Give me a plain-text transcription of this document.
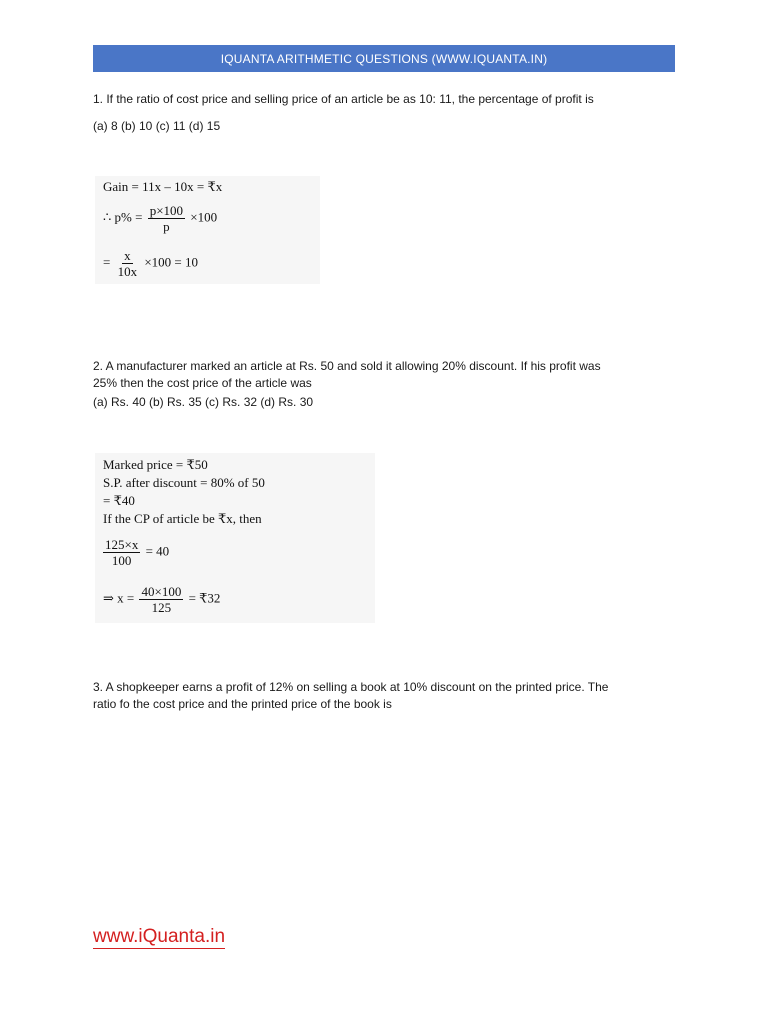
IQUANTA ARITHMETIC QUESTIONS (WWW.IQUANTA.IN)
1. If the ratio of cost price and selling price of an article be as 10: 11, the percentage of profit is
(a) 8 (b) 10 (c) 11 (d) 15
Gain = 11x – 10x = ₹x
∴ $p\% = \frac{p\times 100}{p} \times 100$
= $\frac{x}{10x} \times 100 = 10$
2. A manufacturer marked an article at Rs. 50 and sold it allowing 20% discount. If his profit was
25% then the cost price of the article was
(a) Rs. 40 (b) Rs. 35 (c) Rs. 32 (d) Rs. 30
Marked price = ₹50
S.P. after discount = 80% of 50
= ₹40
If the CP of article be ₹x, then
$\frac{125\times x}{100} = 40$
⇒ $x = \frac{40\times 100}{125}$ = ₹32
3. A shopkeeper earns a profit of 12% on selling a book at 10% discount on the printed price. The
ratio fo the cost price and the printed price of the book is
www.iQuanta.in
